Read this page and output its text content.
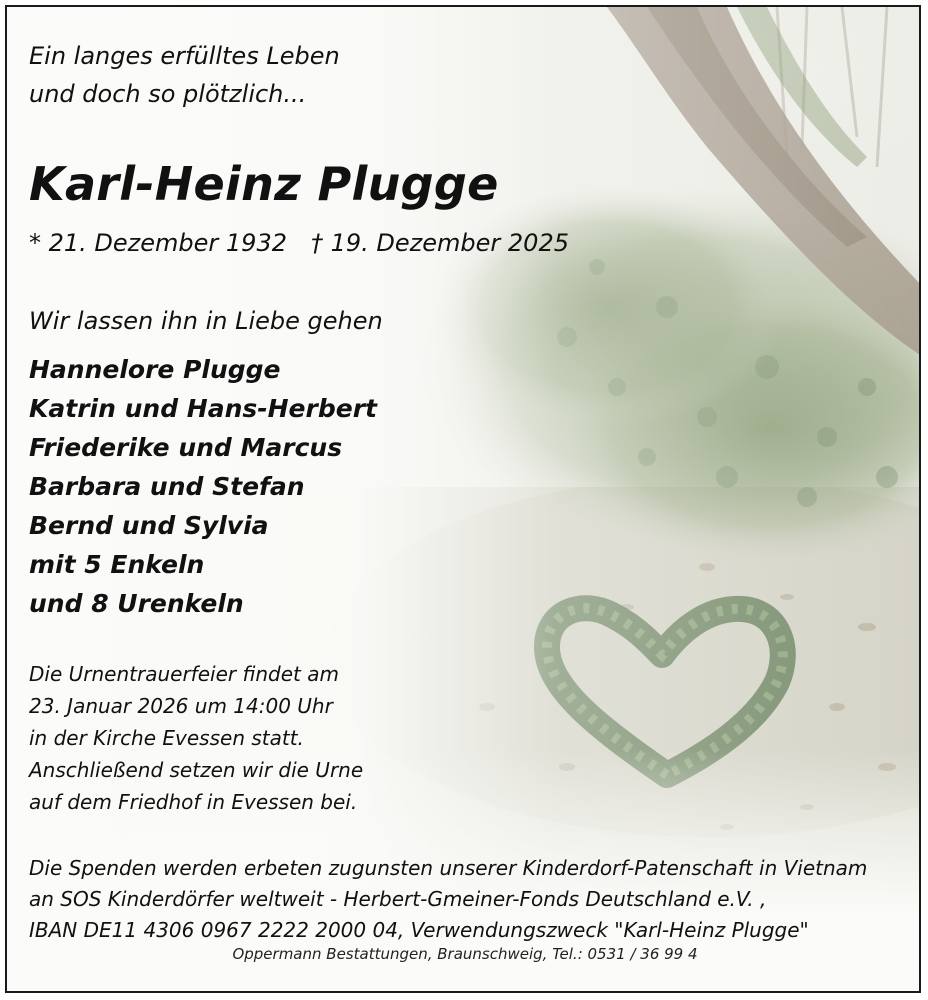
Ein langes erfülltes Leben
und doch so plötzlich...
Karl-Heinz Plugge
* 21. Dezember 1932 † 19. Dezember 2025
Wir lassen ihn in Liebe gehen
Hannelore Plugge
Katrin und Hans-Herbert
Friederike und Marcus
Barbara und Stefan
Bernd und Sylvia
mit 5 Enkeln
und 8 Urenkeln
Die Urnentrauerfeier findet am
23. Januar 2026 um 14:00 Uhr
in der Kirche Evessen statt.
Anschließend setzen wir die Urne
auf dem Friedhof in Evessen bei.
Die Spenden werden erbeten zugunsten unserer Kinderdorf-Patenschaft in Vietnam
an SOS Kinderdörfer weltweit - Herbert-Gmeiner-Fonds Deutschland e.V. ,
IBAN DE11 4306 0967 2222 2000 04, Verwendungszweck "Karl-Heinz Plugge"
Oppermann Bestattungen, Braunschweig, Tel.: 0531 / 36 99 4
